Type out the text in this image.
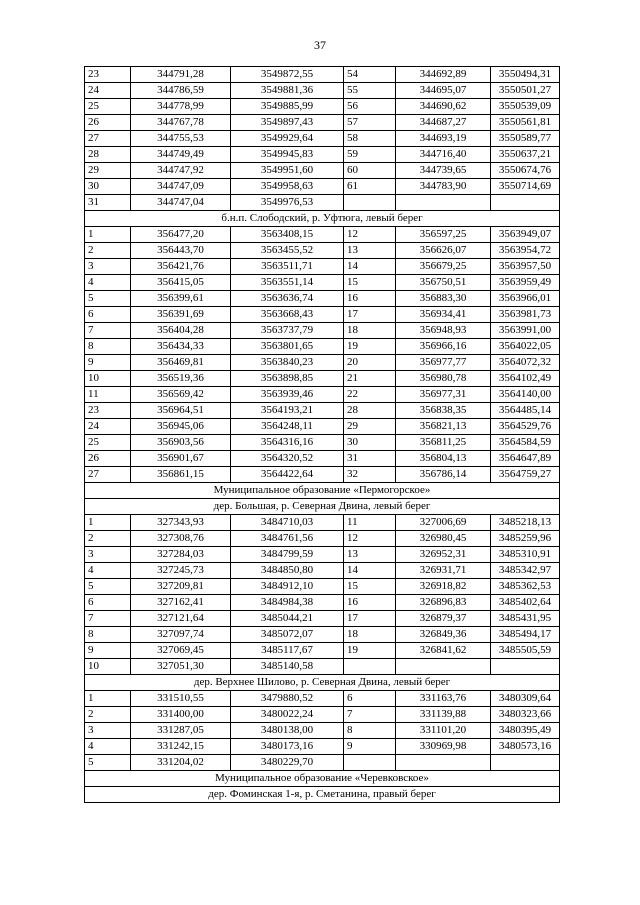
37
23	344791,28	3549872,55	54	344692,89	3550494,31
24	344786,59	3549881,36	55	344695,07	3550501,27
25	344778,99	3549885,99	56	344690,62	3550539,09
26	344767,78	3549897,43	57	344687,27	3550561,81
27	344755,53	3549929,64	58	344693,19	3550589,77
28	344749,49	3549945,83	59	344716,40	3550637,21
29	344747,92	3549951,60	60	344739,65	3550674,76
30	344747,09	3549958,63	61	344783,90	3550714,69
31	344747,04	3549976,53			
б.н.п. Слободский, р. Уфтюга, левый берег					
1	356477,20	3563408,15	12	356597,25	3563949,07
2	356443,70	3563455,52	13	356626,07	3563954,72
3	356421,76	3563511,71	14	356679,25	3563957,50
4	356415,05	3563551,14	15	356750,51	3563959,49
5	356399,61	3563636,74	16	356883,30	3563966,01
6	356391,69	3563668,43	17	356934,41	3563981,73
7	356404,28	3563737,79	18	356948,93	3563991,00
8	356434,33	3563801,65	19	356966,16	3564022,05
9	356469,81	3563840,23	20	356977,77	3564072,32
10	356519,36	3563898,85	21	356980,78	3564102,49
11	356569,42	3563939,46	22	356977,31	3564140,00
23	356964,51	3564193,21	28	356838,35	3564485,14
24	356945,06	3564248,11	29	356821,13	3564529,76
25	356903,56	3564316,16	30	356811,25	3564584,59
26	356901,67	3564320,52	31	356804,13	3564647,89
27	356861,15	3564422,64	32	356786,14	3564759,27
Муниципальное образование «Пермогорское»					
дер. Большая, р. Северная Двина, левый берег					
1	327343,93	3484710,03	11	327006,69	3485218,13
2	327308,76	3484761,56	12	326980,45	3485259,96
3	327284,03	3484799,59	13	326952,31	3485310,91
4	327245,73	3484850,80	14	326931,71	3485342,97
5	327209,81	3484912,10	15	326918,82	3485362,53
6	327162,41	3484984,38	16	326896,83	3485402,64
7	327121,64	3485044,21	17	326879,37	3485431,95
8	327097,74	3485072,07	18	326849,36	3485494,17
9	327069,45	3485117,67	19	326841,62	3485505,59
10	327051,30	3485140,58			
дер. Верхнее Шилово, р. Северная Двина, левый берег					
1	331510,55	3479880,52	6	331163,76	3480309,64
2	331400,00	3480022,24	7	331139,88	3480323,66
3	331287,05	3480138,00	8	331101,20	3480395,49
4	331242,15	3480173,16	9	330969,98	3480573,16
5	331204,02	3480229,70			
Муниципальное образование «Черевковское»					
дер. Фоминская 1-я, р. Сметанина, правый берег					
